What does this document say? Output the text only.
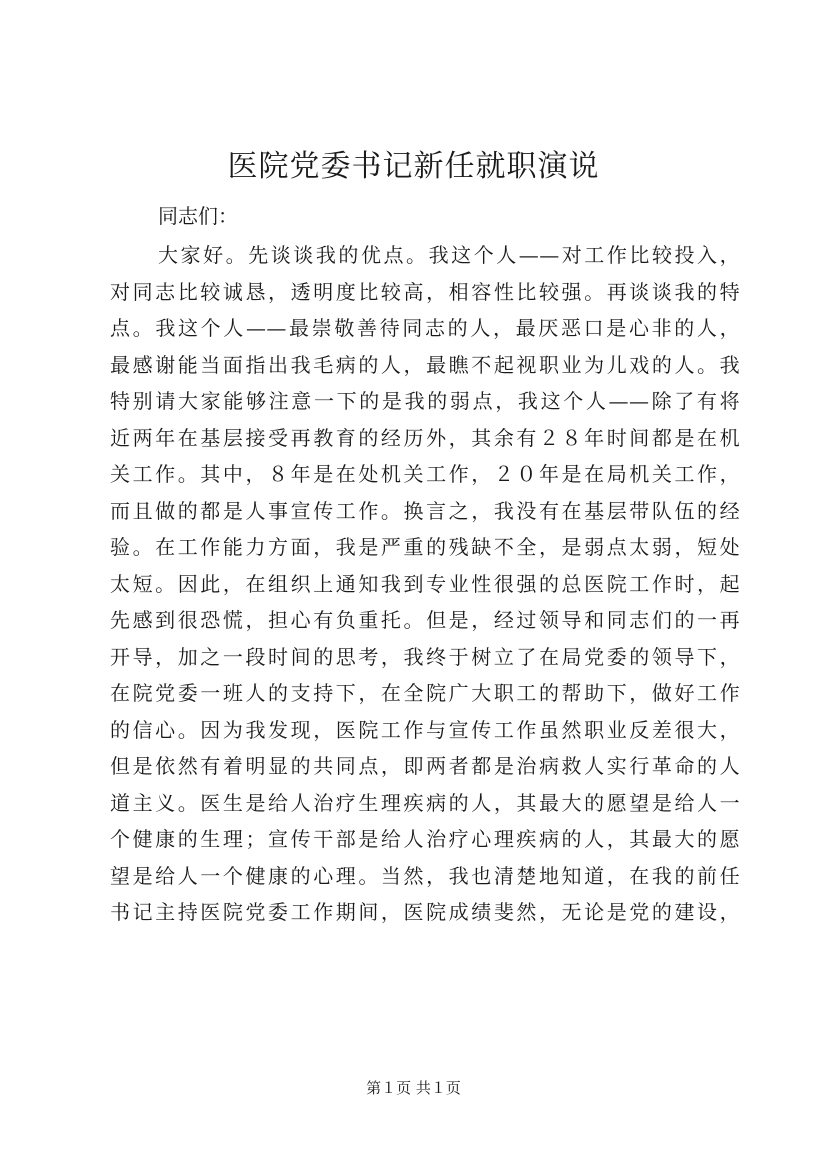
医院党委书记新任就职演说
同志们：
大家好。先谈谈我的优点。我这个人——对工作比较投入，
对同志比较诚恳，透明度比较高，相容性比较强。再谈谈我的特
点。我这个人——最崇敬善待同志的人，最厌恶口是心非的人，
最感谢能当面指出我毛病的人，最瞧不起视职业为儿戏的人。我
特别请大家能够注意一下的是我的弱点，我这个人——除了有将
近两年在基层接受再教育的经历外，其余有２８年时间都是在机
关工作。其中，８年是在处机关工作，２０年是在局机关工作，
而且做的都是人事宣传工作。换言之，我没有在基层带队伍的经
验。在工作能力方面，我是严重的残缺不全，是弱点太弱，短处
太短。因此，在组织上通知我到专业性很强的总医院工作时，起
先感到很恐慌，担心有负重托。但是，经过领导和同志们的一再
开导，加之一段时间的思考，我终于树立了在局党委的领导下，
在院党委一班人的支持下，在全院广大职工的帮助下，做好工作
的信心。因为我发现，医院工作与宣传工作虽然职业反差很大，
但是依然有着明显的共同点，即两者都是治病救人实行革命的人
道主义。医生是给人治疗生理疾病的人，其最大的愿望是给人一
个健康的生理；宣传干部是给人治疗心理疾病的人，其最大的愿
望是给人一个健康的心理。当然，我也清楚地知道，在我的前任
书记主持医院党委工作期间，医院成绩斐然，无论是党的建设，
第１页 共１页
